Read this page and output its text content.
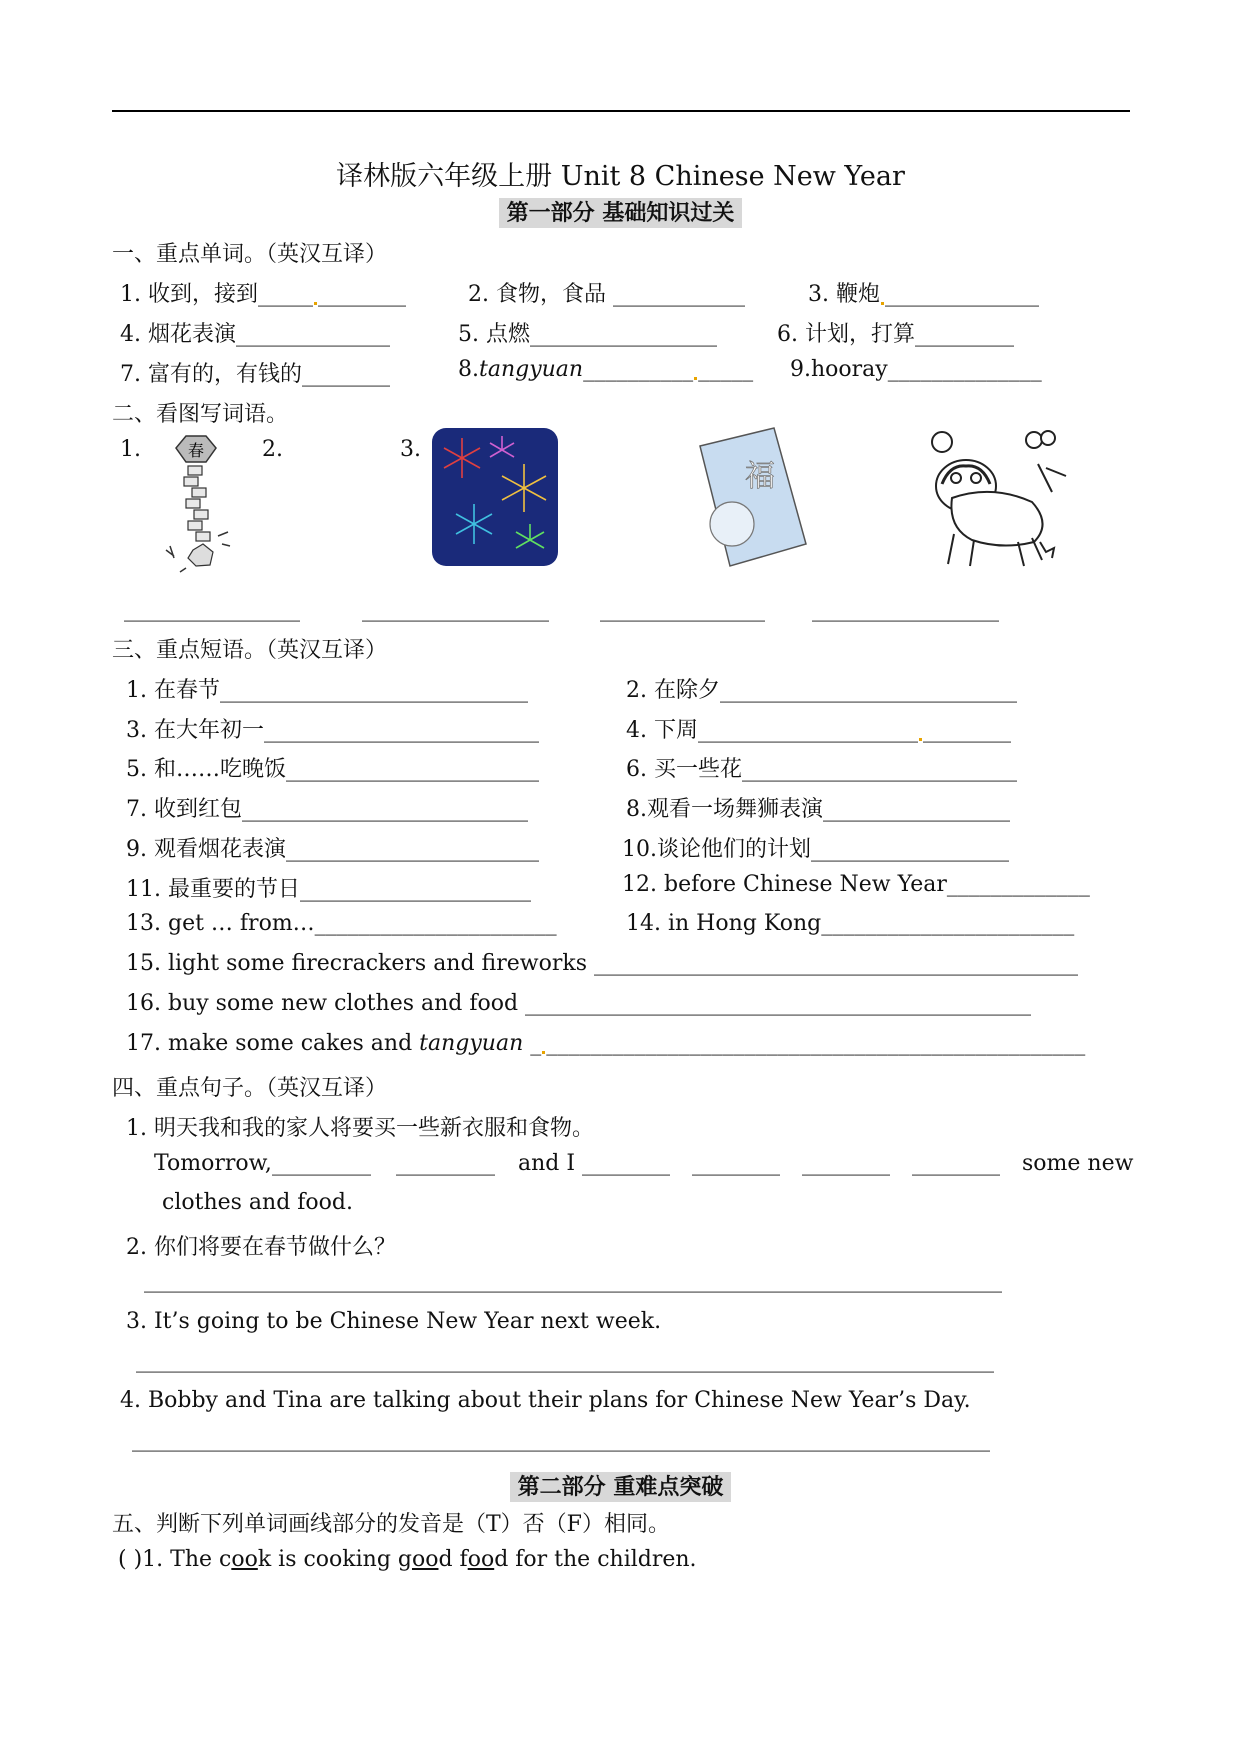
译林版六年级上册 Unit 8 Chinese New Year
第一部分 基础知识过关
一、重点单词。（英汉互译）
1. 收到，接到_____ ________	2. 食物，食品 ____________	3. 鞭炮 ______________
4. 烟花表演______________	5. 点燃_________________	6. 计划，打算_________
7. 富有的，有钱的________	8.tangyuan__________ _____ 9.hooray______________
二、看图写词语。
1.	2.	3.
春
福
________________	_________________ _______________ _________________
三、重点短语。（英汉互译）
1. 在春节____________________________	2. 在除夕___________________________
3. 在大年初一_________________________	4. 下周____________________ ________
5. 和……吃晚饭_______________________	6. 买一些花_________________________
7. 收到红包__________________________	8.观看一场舞狮表演_________________
9. 观看烟花表演_______________________	10.谈论他们的计划__________________
11. 最重要的节日_____________________	12. before Chinese New Year_____________
13. get … from…______________________	14. in Hong Kong_______________________
15. light some firecrackers and fireworks ____________________________________________
16. buy some new clothes and food ______________________________________________
17. make some cakes and tangyuan _ _________________________________________________
四、重点句子。（英汉互译）
1. 明天我和我的家人将要买一些新衣服和食物。
Tomorrow, _________ _________ and I ________ ________ ________ ________ some new
clothes and food.
2. 你们将要在春节做什么？
______________________________________________________________________________
3. It’s going to be Chinese New Year next week.
______________________________________________________________________________
4. Bobby and Tina are talking about their plans for Chinese New Year’s Day.
______________________________________________________________________________
第二部分 重难点突破
五、判断下列单词画线部分的发音是（T）否（F）相同。
( )1. The cook is cooking good food for the children.
